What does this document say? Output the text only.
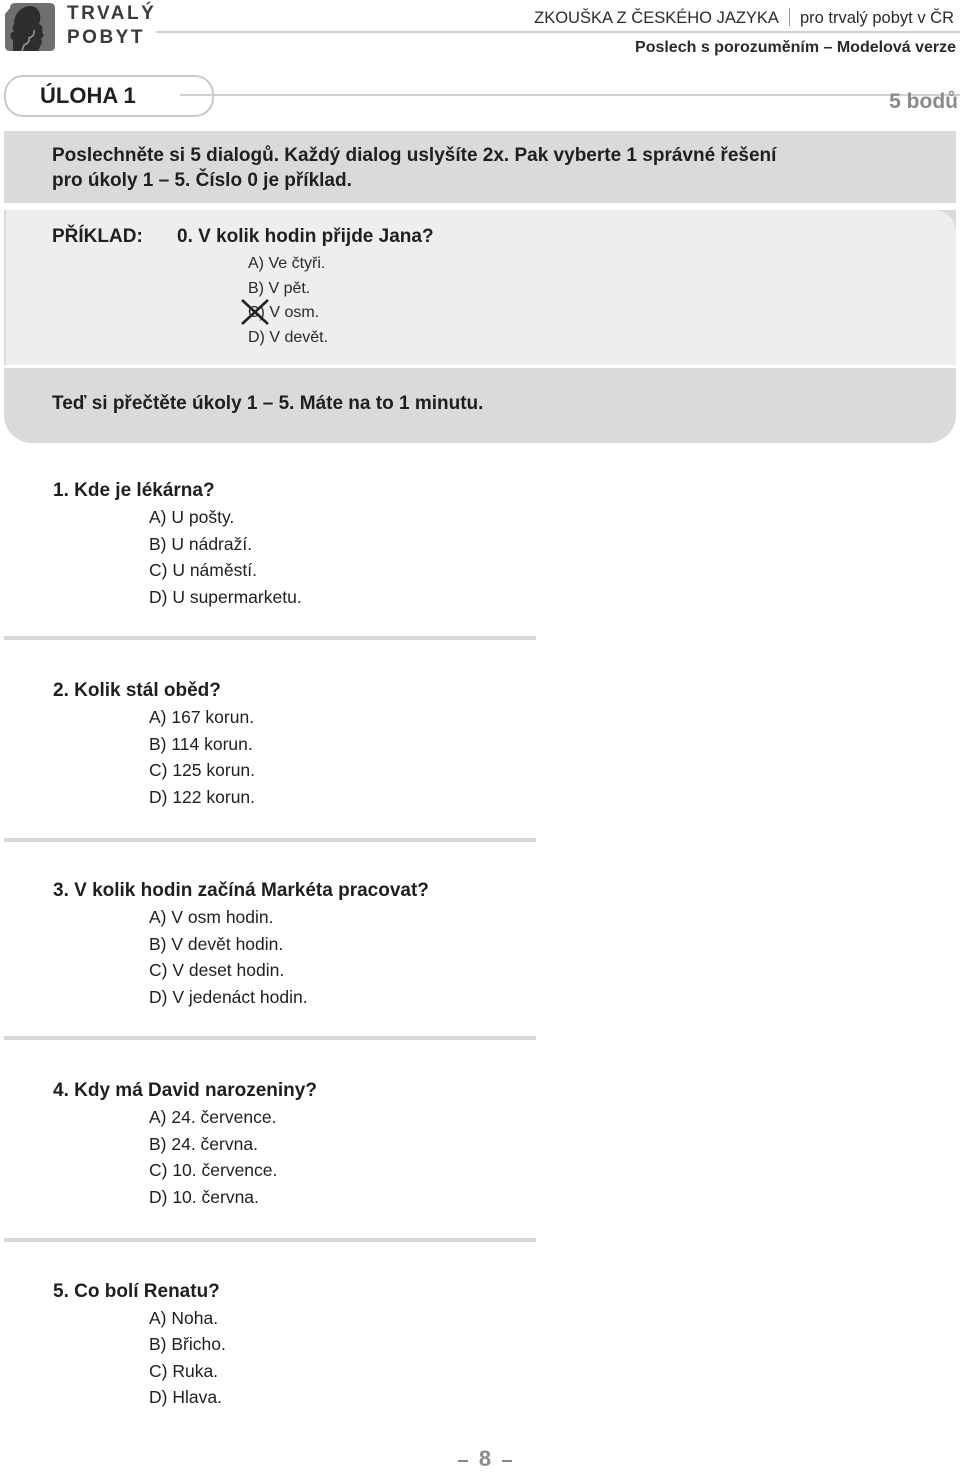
TRVALÝ
POBYT
ZKOUŠKA Z ČESKÉHO JAZYKA pro trvalý pobyt v ČR
Poslech s porozuměním – Modelová verze
ÚLOHA 1	5 bodů
Poslechněte si 5 dialogů. Každý dialog uslyšíte 2x. Pak vyberte 1 správné řešení
pro úkoly 1 – 5. Číslo 0 je příklad.
PŘÍKLAD: 0. V kolik hodin přijde Jana?
A) Ve čtyři.
B) V pět.
C) V osm.
D) V devět.
Teď si přečtěte úkoly 1 – 5. Máte na to 1 minutu.
1. Kde je lékárna?
A) U pošty.
B) U nádraží.
C) U náměstí.
D) U supermarketu.
2. Kolik stál oběd?
A) 167 korun.
B) 114 korun.
C) 125 korun.
D) 122 korun.
3. V kolik hodin začíná Markéta pracovat?
A) V osm hodin.
B) V devět hodin.
C) V deset hodin.
D) V jedenáct hodin.
4. Kdy má David narozeniny?
A) 24. července.
B) 24. června.
C) 10. července.
D) 10. června.
5. Co bolí Renatu?
A) Noha.
B) Břicho.
C) Ruka.
D) Hlava.
8
